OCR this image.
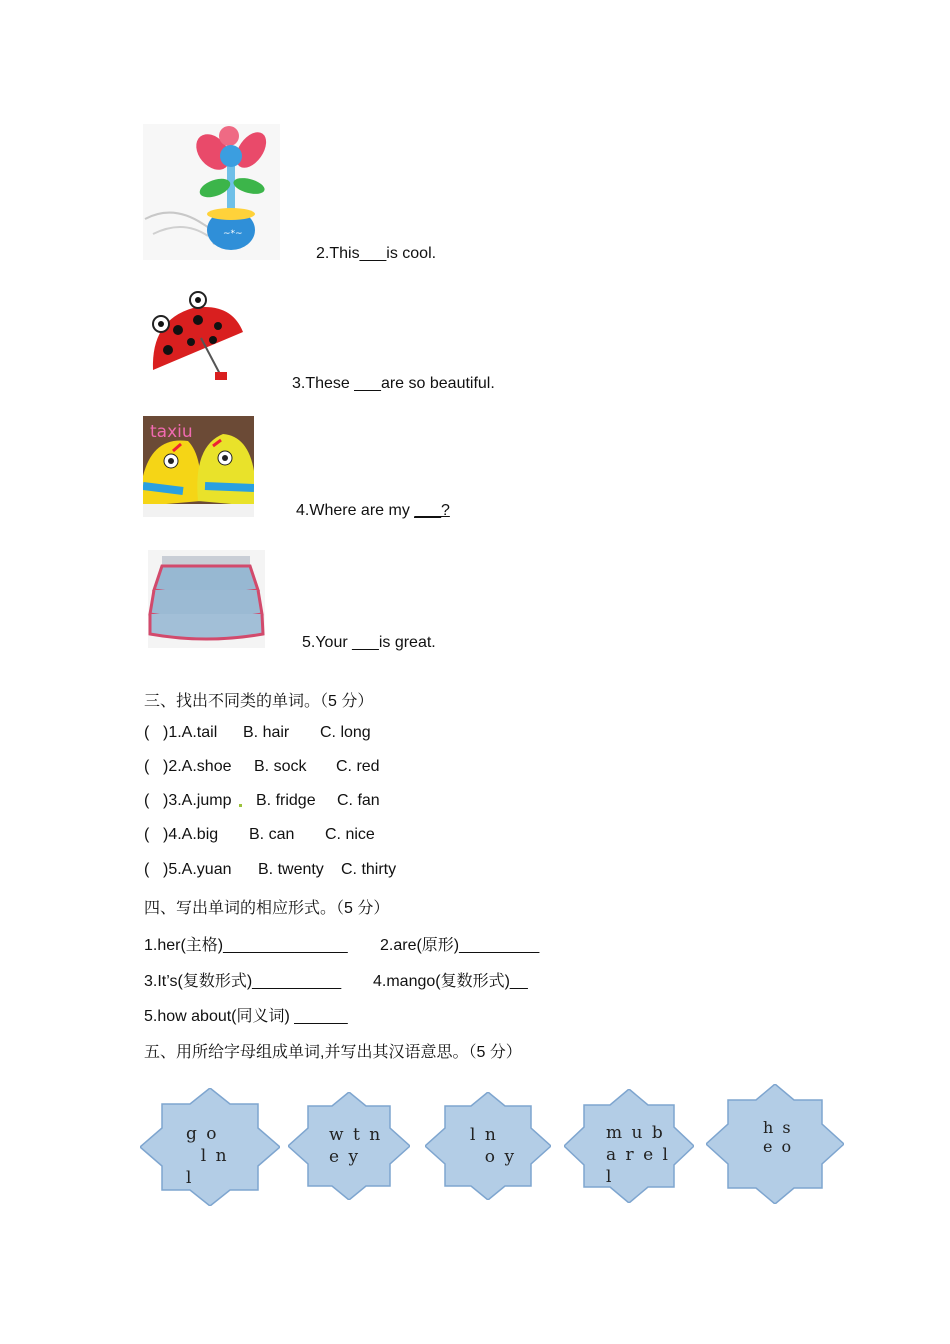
~*~
2.This___is cool.
3.These ___are so beautiful.
taxiu
4.Where are my ___?
5.Your ___is great.
三、找出不同类的单词。（5 分）
( )1.A.tail B. hair C. long
( )2.A.shoe B. sock C. red
( )3.A.jump B. fridge C. fan
( )4.A.big B. can C. nice
( )5.A.yuan B. twenty C. thirty
四、写出单词的相应形式。（5 分）
1.her(主格)______________ 2.are(原形)_________
3.It’s(复数形式)__________ 4.mango(复数形式)__
5.how about(同义词) ______
五、用所给字母组成单词,并写出其汉语意思。（5 分）
g o
l n
l
w t n
e y
l n
o y
m u b
a r e l
l
h s
e o
